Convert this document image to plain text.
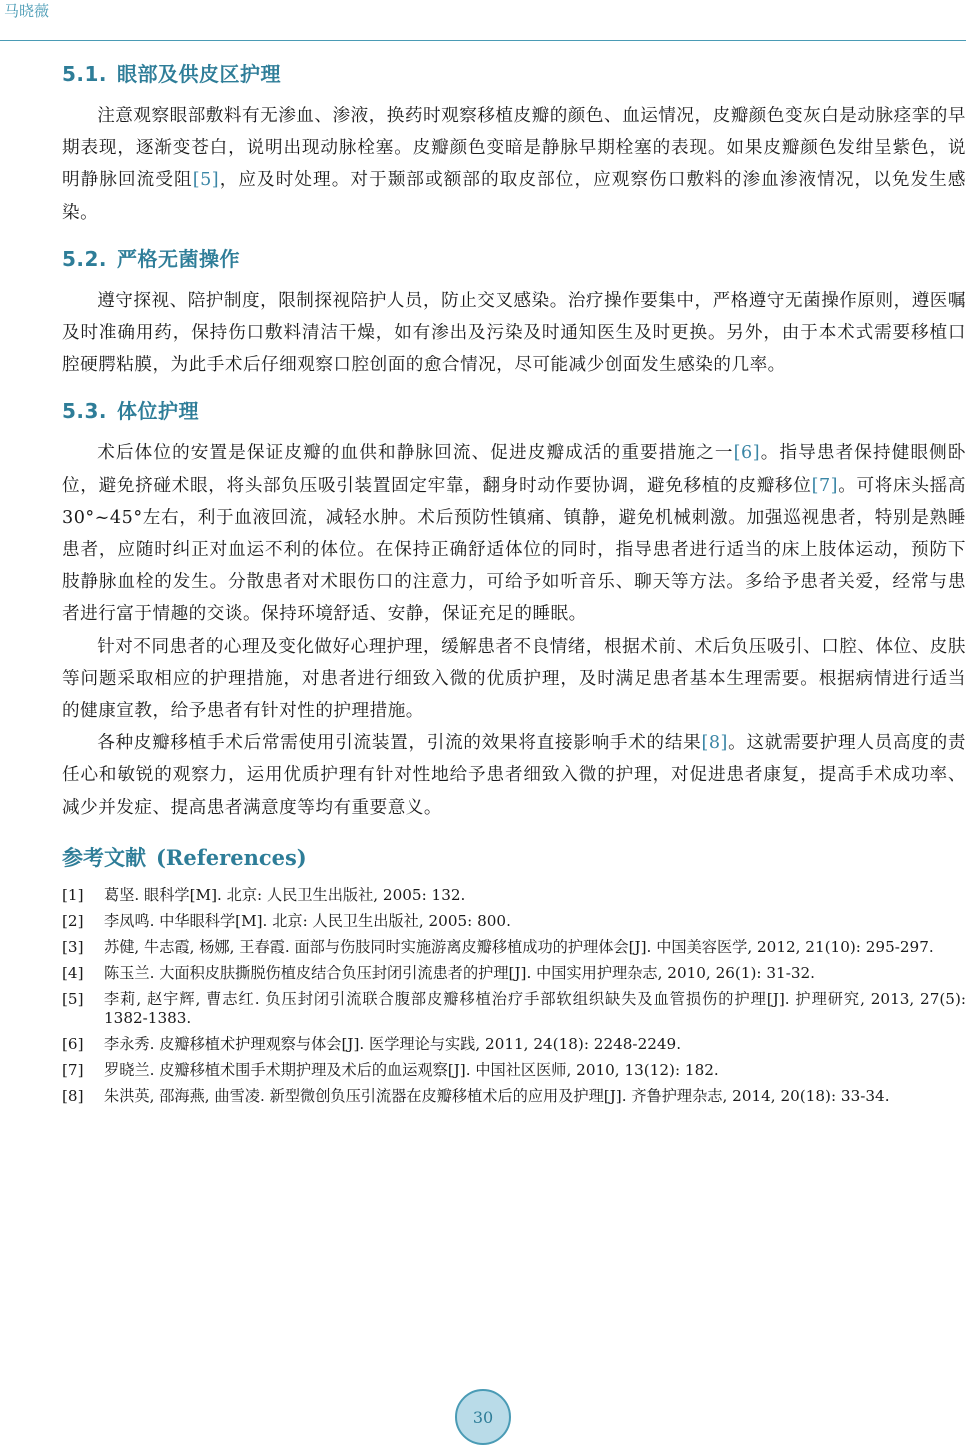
马晓薇
5.1. 眼部及供皮区护理

注意观察眼部敷料有无渗血、渗液，换药时观察移植皮瓣的颜色、血运情况，皮瓣颜色变灰白是动脉痉挛的早期表现，逐渐变苍白，说明出现动脉栓塞。皮瓣颜色变暗是静脉早期栓塞的表现。如果皮瓣颜色发绀呈紫色，说明静脉回流受阻[5]，应及时处理。对于颞部或额部的取皮部位，应观察伤口敷料的渗血渗液情况，以免发生感染。

5.2. 严格无菌操作

遵守探视、陪护制度，限制探视陪护人员，防止交叉感染。治疗操作要集中，严格遵守无菌操作原则，遵医嘱及时准确用药，保持伤口敷料清洁干燥，如有渗出及污染及时通知医生及时更换。另外，由于本术式需要移植口腔硬腭粘膜，为此手术后仔细观察口腔创面的愈合情况，尽可能减少创面发生感染的几率。

5.3. 体位护理

术后体位的安置是保证皮瓣的血供和静脉回流、促进皮瓣成活的重要措施之一[6]。指导患者保持健眼侧卧位，避免挤碰术眼，将头部负压吸引装置固定牢靠，翻身时动作要协调，避免移植的皮瓣移位[7]。可将床头摇高 30°~45°左右，利于血液回流，减轻水肿。术后预防性镇痛、镇静，避免机械刺激。加强巡视患者，特别是熟睡患者，应随时纠正对血运不利的体位。在保持正确舒适体位的同时，指导患者进行适当的床上肢体运动，预防下肢静脉血栓的发生。分散患者对术眼伤口的注意力，可给予如听音乐、聊天等方法。多给予患者关爱，经常与患者进行富于情趣的交谈。保持环境舒适、安静，保证充足的睡眠。

针对不同患者的心理及变化做好心理护理，缓解患者不良情绪，根据术前、术后负压吸引、口腔、体位、皮肤等问题采取相应的护理措施，对患者进行细致入微的优质护理，及时满足患者基本生理需要。根据病情进行适当的健康宣教，给予患者有针对性的护理措施。

各种皮瓣移植手术后常需使用引流装置，引流的效果将直接影响手术的结果[8]。这就需要护理人员高度的责任心和敏锐的观察力，运用优质护理有针对性地给予患者细致入微的护理，对促进患者康复，提高手术成功率、减少并发症、提高患者满意度等均有重要意义。

参考文献 (References)
[1]	葛坚. 眼科学[M]. 北京: 人民卫生出版社, 2005: 132.
[2]	李凤鸣. 中华眼科学[M]. 北京: 人民卫生出版社, 2005: 800.
[3]	苏健, 牛志霞, 杨娜, 王春霞. 面部与伤肢同时实施游离皮瓣移植成功的护理体会[J]. 中国美容医学, 2012, 21(10): 295-297.
[4]	陈玉兰. 大面积皮肤撕脱伤植皮结合负压封闭引流患者的护理[J]. 中国实用护理杂志, 2010, 26(1): 31-32.
[5]	李莉, 赵宇辉, 曹志红. 负压封闭引流联合腹部皮瓣移植治疗手部软组织缺失及血管损伤的护理[J]. 护理研究, 2013, 27(5): 1382-1383.
[6]	李永秀. 皮瓣移植术护理观察与体会[J]. 医学理论与实践, 2011, 24(18): 2248-2249.
[7]	罗晓兰. 皮瓣移植术围手术期护理及术后的血运观察[J]. 中国社区医师, 2010, 13(12): 182.
[8]	朱洪英, 邵海燕, 曲雪凌. 新型微创负压引流器在皮瓣移植术后的应用及护理[J]. 齐鲁护理杂志, 2014, 20(18): 33-34.
30
